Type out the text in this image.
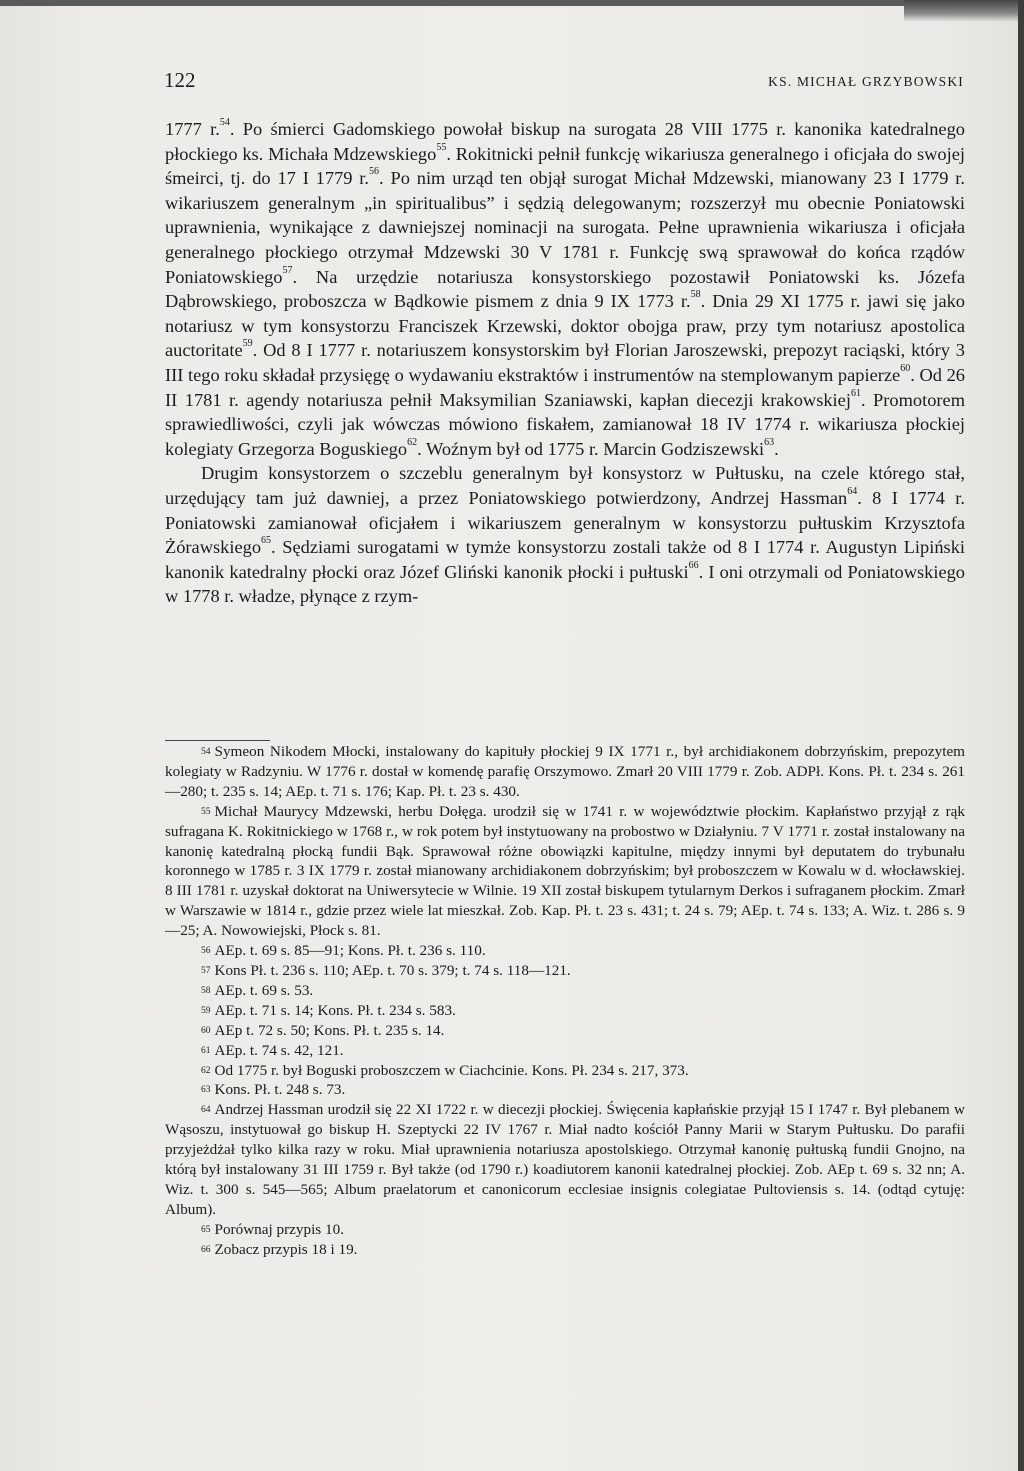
122	KS. MICHAŁ GRZYBOWSKI

1777 r.$^{54}$. Po śmierci Gadomskiego powołał biskup na surogata 28 VIII 1775 r. kanonika katedralnego płockiego ks. Michała Mdzewskiego$^{55}$. Rokitnicki pełnił funkcję wikariusza generalnego i oficjała do swojej śmeirci, tj. do 17 I 1779 r.$^{56}$. Po nim urząd ten objął surogat Michał Mdzewski, mianowany 23 I 1779 r. wikariuszem generalnym „in spiritualibus” i sędzią delegowanym; rozszerzył mu obecnie Poniatowski uprawnienia, wynikające z dawniejszej nominacji na surogata. Pełne uprawnienia wikariusza i oficjała generalnego płockiego otrzymał Mdzewski 30 V 1781 r. Funkcję swą sprawował do końca rządów Poniatowskiego$^{57}$. Na urzędzie notariusza konsystorskiego pozostawił Poniatowski ks. Józefa Dąbrowskiego, proboszcza w Bądkowie pismem z dnia 9 IX 1773 r.$^{58}$. Dnia 29 XI 1775 r. jawi się jako notariusz w tym konsystorzu Franciszek Krzewski, doktor obojga praw, przy tym notariusz apostolica auctoritate$^{59}$. Od 8 I 1777 r. notariuszem konsystorskim był Florian Jaroszewski, prepozyt raciąski, który 3 III tego roku składał przysięgę o wydawaniu ekstraktów i instrumentów na stemplowanym papierze$^{60}$. Od 26 II 1781 r. agendy notariusza pełnił Maksymilian Szaniawski, kapłan diecezji krakowskiej$^{61}$. Promotorem sprawiedliwości, czyli jak wówczas mówiono fiskałem, zamianował 18 IV 1774 r. wikariusza płockiej kolegiaty Grzegorza Boguskiego$^{62}$. Woźnym był od 1775 r. Marcin Godziszewski$^{63}$.

Drugim konsystorzem o szczeblu generalnym był konsystorz w Pułtusku, na czele którego stał, urzędujący tam już dawniej, a przez Poniatowskiego potwierdzony, Andrzej Hassman$^{64}$. 8 I 1774 r. Poniatowski zamianował oficjałem i wikariuszem generalnym w konsystorzu pułtuskim Krzysztofa Żórawskiego$^{65}$. Sędziami surogatami w tymże konsystorzu zostali także od 8 I 1774 r. Augustyn Lipiński kanonik katedralny płocki oraz Józef Gliński kanonik płocki i pułtuski$^{66}$. I oni otrzymali od Poniatowskiego w 1778 r. władze, płynące z rzym-

$^{54}$ Symeon Nikodem Młocki, instalowany do kapituły płockiej 9 IX 1771 r., był archidiakonem dobrzyńskim, prepozytem kolegiaty w Radzyniu. W 1776 r. dostał w komendę parafię Orszymowo. Zmarł 20 VIII 1779 r. Zob. ADPł. Kons. Pł. t. 234 s. 261—280; t. 235 s. 14; AEp. t. 71 s. 176; Kap. Pł. t. 23 s. 430.

$^{55}$ Michał Maurycy Mdzewski, herbu Dołęga. urodził się w 1741 r. w województwie płockim. Kapłaństwo przyjął z rąk sufragana K. Rokitnickiego w 1768 r., w rok potem był instytuowany na probostwo w Działyniu. 7 V 1771 r. został instalowany na kanonię katedralną płocką fundii Bąk. Sprawował różne obowiązki kapitulne, między innymi był deputatem do trybunału koronnego w 1785 r. 3 IX 1779 r. został mianowany archidiakonem dobrzyńskim; był proboszczem w Kowalu w d. włocławskiej. 8 III 1781 r. uzyskał doktorat na Uniwersytecie w Wilnie. 19 XII został biskupem tytularnym Derkos i sufraganem płockim. Zmarł w Warszawie w 1814 r., gdzie przez wiele lat mieszkał. Zob. Kap. Pł. t. 23 s. 431; t. 24 s. 79; AEp. t. 74 s. 133; A. Wiz. t. 286 s. 9—25; A. Nowowiejski, Płock s. 81.

$^{56}$ AEp. t. 69 s. 85—91; Kons. Pł. t. 236 s. 110.

$^{57}$ Kons Pł. t. 236 s. 110; AEp. t. 70 s. 379; t. 74 s. 118—121.

$^{58}$ AEp. t. 69 s. 53.

$^{59}$ AEp. t. 71 s. 14; Kons. Pł. t. 234 s. 583.

$^{60}$ AEp t. 72 s. 50; Kons. Pł. t. 235 s. 14.

$^{61}$ AEp. t. 74 s. 42, 121.

$^{62}$ Od 1775 r. był Boguski proboszczem w Ciachcinie. Kons. Pł. 234 s. 217, 373.

$^{63}$ Kons. Pł. t. 248 s. 73.

$^{64}$ Andrzej Hassman urodził się 22 XI 1722 r. w diecezji płockiej. Święcenia kapłańskie przyjął 15 I 1747 r. Był plebanem w Wąsoszu, instytuował go biskup H. Szeptycki 22 IV 1767 r. Miał nadto kościół Panny Marii w Starym Pułtusku. Do parafii przyjeżdżał tylko kilka razy w roku. Miał uprawnienia notariusza apostolskiego. Otrzymał kanonię pułtuską fundii Gnojno, na którą był instalowany 31 III 1759 r. Był także (od 1790 r.) koadiutorem kanonii katedralnej płockiej. Zob. AEp t. 69 s. 32 nn; A. Wiz. t. 300 s. 545—565; Album praelatorum et canonicorum ecclesiae insignis colegiatae Pultoviensis s. 14. (odtąd cytuję: Album).

$^{65}$ Porównaj przypis 10.

$^{66}$ Zobacz przypis 18 i 19.
